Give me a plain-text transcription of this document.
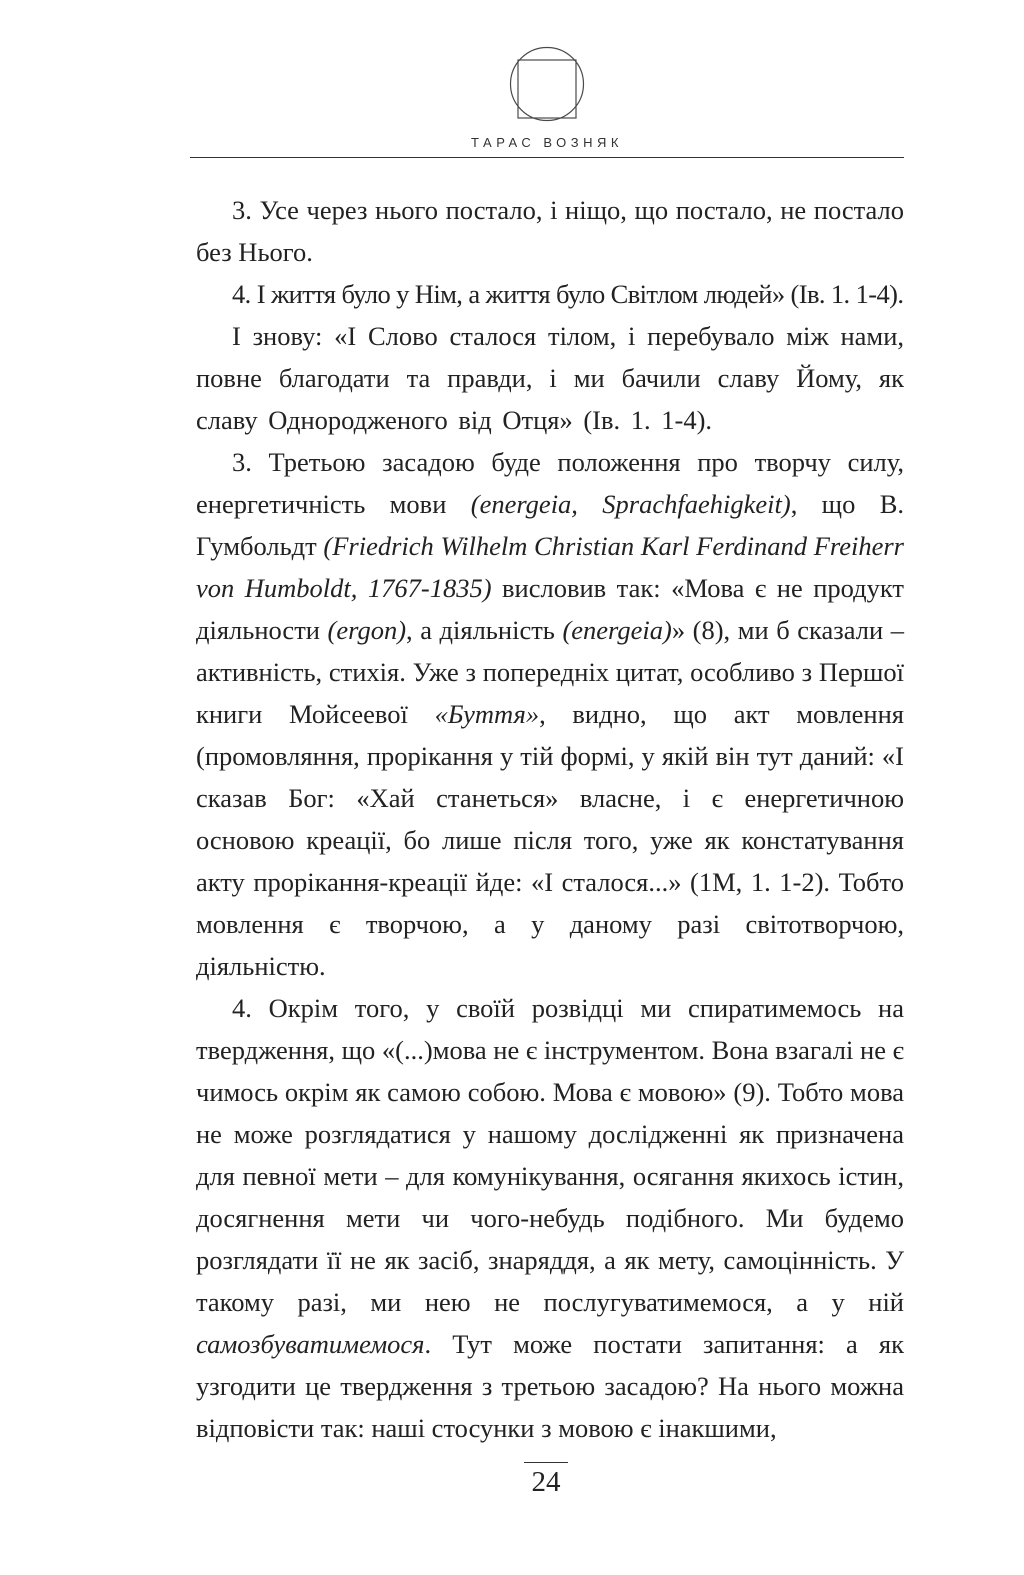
ТАРАС ВОЗНЯК

3. Усе через нього постало, і ніщо, що постало, не постало без Нього.

4. І життя було у Нім, а життя було Світлом людей» (Ів. 1. 1-4).

І знову: «І Слово сталося тілом, і перебувало між нами, повне благодати та правди, і ми бачили славу Йому, як славу Однородженого від Отця» (Ів. 1. 1-4).

3. Третьою засадою буде положення про творчу силу, енергетичність мови (energeia, Sprachfaehigkeit), що В. Гумбольдт (Friedrich Wilhelm Christian Karl Ferdinand Freiherr von Humboldt, 1767-1835) висловив так: «Мова є не продукт діяльности (ergon), а діяльність (energeia)» (8), ми б сказали – активність, стихія. Уже з попередніх цитат, особливо з Першої книги Мойсеевої «Буття», видно, що акт мовлення (промовляння, прорікання у тій формі, у якій він тут даний: «І сказав Бог: «Хай станеться» власне, і є енергетичною основою креації, бо лише після того, уже як констатування акту прорікання-креації йде: «І сталося...» (1М, 1. 1-2). Тобто мовлення є творчою, а у даному разі світотворчою, діяльністю.

4. Окрім того, у своїй розвідці ми спиратимемось на твердження, що «(...)мова не є інструментом. Вона взагалі не є чимось окрім як самою собою. Мова є мовою» (9). Тобто мова не може розглядатися у нашому дослідженні як призначена для певної мети – для комунікування, осягання якихось істин, досягнення мети чи чого-небудь подібного. Ми будемо розглядати її не як засіб, знаряддя, а як мету, самоцінність. У такому разі, ми нею не послугуватимемося, а у ній самозбуватимемося. Тут може постати запитання: а як узгодити це твердження з третьою засадою? На нього можна відповісти так: наші стосунки з мовою є інакшими,

24
